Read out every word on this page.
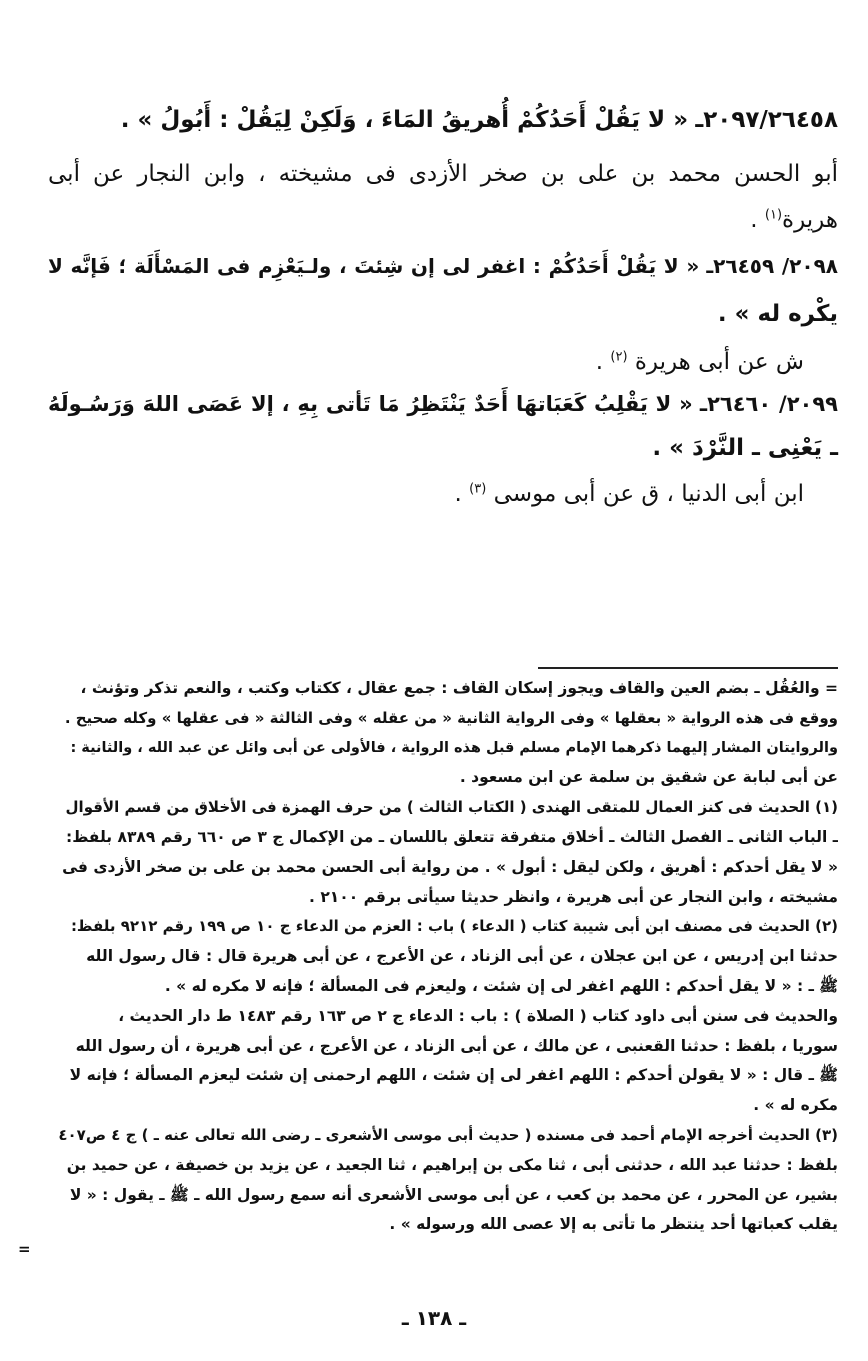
٢٠٩٧/٢٦٤٥٨ـ « لا يَقُلْ أَحَدُكُمْ أُهريقُ المَاءَ ، وَلَكِنْ لِيَقُلْ : أَبُولُ » .

أبو الحسن محمد بن على بن صخر الأزدى فى مشيخته ، وابن النجار عن أبى

هريرة$^{(١)}$ .

٢٠٩٨/ ٢٦٤٥٩ـ « لا يَقُلْ أَحَدُكُمْ : اغفر لى إن شِئتَ ، ولـيَعْزِم فى المَسْأَلَة ؛ فَإنَّه لا

يكْره له » .

ش عن أبى هريرة $^{(٢)}$ .

٢٠٩٩/ ٢٦٤٦٠ـ « لا يَقْلِبُ كَعَبَاتهَا أَحَدٌ يَنْتَظِرُ مَا تَأتى بِهِ ، إلا عَصَى اللهَ وَرَسُـولَهُ

ـ يَعْنِى ـ النَّرْدَ » .

ابن أبى الدنيا ، ق عن أبى موسى $^{(٣)}$ .

= والعُقُل ـ بضم العين والقاف ويجوز إسكان القاف : جمع عقال ، ككتاب وكتب ، والنعم تذكر وتؤنث ،

ووقع فى هذه الرواية « بعقلها » وفى الرواية الثانية « من عقله » وفى الثالثة « فى عقلها » وكله صحيح .

والروايتان المشار إليهما ذكرهما الإمام مسلم قبل هذه الرواية ، فالأولى عن أبى وائل عن عبد الله ، والثانية :

عن أبى لبابة عن شقيق بن سلمة عن ابن مسعود .

(١) الحديث فى كنز العمال للمتقى الهندى ( الكتاب الثالث ) من حرف الهمزة فى الأخلاق من قسم الأقوال

ـ الباب الثانى ـ الفصل الثالث ـ أخلاق متفرقة تتعلق باللسان ـ من الإكمال ج ٣ ص ٦٦٠ رقم ٨٣٨٩ بلفظ:

« لا يقل أحدكم : أهريق ، ولكن ليقل : أبول » . من رواية أبى الحسن محمد بن على بن صخر الأزدى فى

مشيخته ، وابن النجار عن أبى هريرة ، وانظر حديثا سيأتى برقم ٢١٠٠ .

(٢) الحديث فى مصنف ابن أبى شيبة كتاب ( الدعاء ) باب : العزم من الدعاء ج ١٠ ص ١٩٩ رقم ٩٢١٢ بلفظ:

حدثنا ابن إدريس ، عن ابن عجلان ، عن أبى الزناد ، عن الأعرج ، عن أبى هريرة قال : قال رسول الله

ﷺ ـ : « لا يقل أحدكم : اللهم اغفر لى إن شئت ، وليعزم فى المسألة ؛ فإنه لا مكره له » .

والحديث فى سنن أبى داود كتاب ( الصلاة ) : باب : الدعاء ج ٢ ص ١٦٣ رقم ١٤٨٣ ط دار الحديث ،

سوريا ، بلفظ : حدثنا القعنبى ، عن مالك ، عن أبى الزناد ، عن الأعرج ، عن أبى هريرة ، أن رسول الله

ﷺ ـ قال : « لا يقولن أحدكم : اللهم اغفر لى إن شئت ، اللهم ارحمنى إن شئت ليعزم المسألة ؛ فإنه لا

مكره له » .

(٣) الحديث أخرجه الإمام أحمد فى مسنده ( حديث أبى موسى الأشعرى ـ رضى الله تعالى عنه ـ ) ج ٤ ص٤٠٧

بلفظ : حدثنا عبد الله ، حدثنى أبى ، ثنا مكى بن إبراهيم ، ثنا الجعيد ، عن يزيد بن خصيفة ، عن حميد بن

بشير، عن المحرر ، عن محمد بن كعب ، عن أبى موسى الأشعرى أنه سمع رسول الله ـ ﷺ ـ يقول : « لا

يقلب كعباتها أحد ينتظر ما تأتى به إلا عصى الله ورسوله » .

=
ـ ١٣٨ ـ
